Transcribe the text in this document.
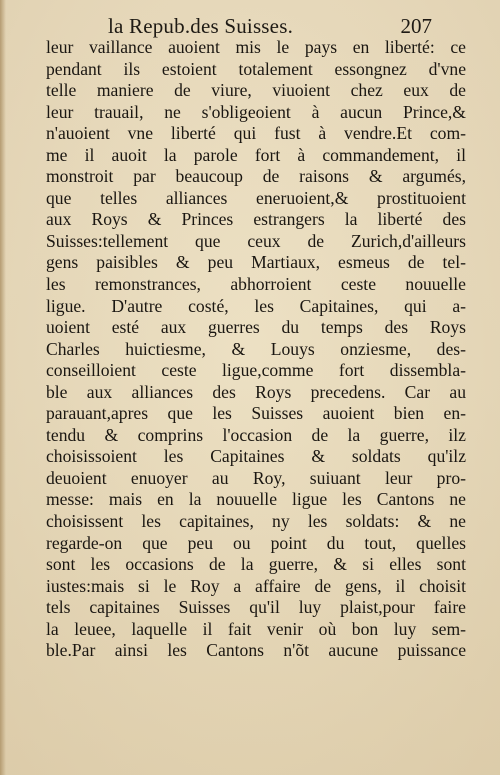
la Repub.des Suisses.	207
leur vaillance auoient mis le pays en liberté: ce
pendant ils estoient totalement essongnez d'vne
telle maniere de viure, viuoient chez eux de
leur trauail, ne s'obligeoient à aucun Prince,&
n'auoient vne liberté qui fust à vendre.Et com-
me il auoit la parole fort à commandement, il
monstroit par beaucoup de raisons & argumés,
que telles alliances eneruoient,& prostituoient
aux Roys & Princes estrangers la liberté des
Suisses:tellement que ceux de Zurich,d'ailleurs
gens paisibles & peu Martiaux, esmeus de tel-
les remonstrances, abhorroient ceste nouuelle
ligue. D'autre costé, les Capitaines, qui a-
uoient esté aux guerres du temps des Roys
Charles huictiesme, & Louys onziesme, des-
conseilloient ceste ligue,comme fort dissembla-
ble aux alliances des Roys precedens. Car au
parauant,apres que les Suisses auoient bien en-
tendu & comprins l'occasion de la guerre, ilz
choisissoient les Capitaines & soldats qu'ilz
deuoient enuoyer au Roy, suiuant leur pro-
messe: mais en la nouuelle ligue les Cantons ne
choisissent les capitaines, ny les soldats: & ne
regarde-on que peu ou point du tout, quelles
sont les occasions de la guerre, & si elles sont
iustes:mais si le Roy a affaire de gens, il choisit
tels capitaines Suisses qu'il luy plaist,pour faire
la leuee, laquelle il fait venir où bon luy sem-
ble.Par ainsi les Cantons n'õt aucune puissance
